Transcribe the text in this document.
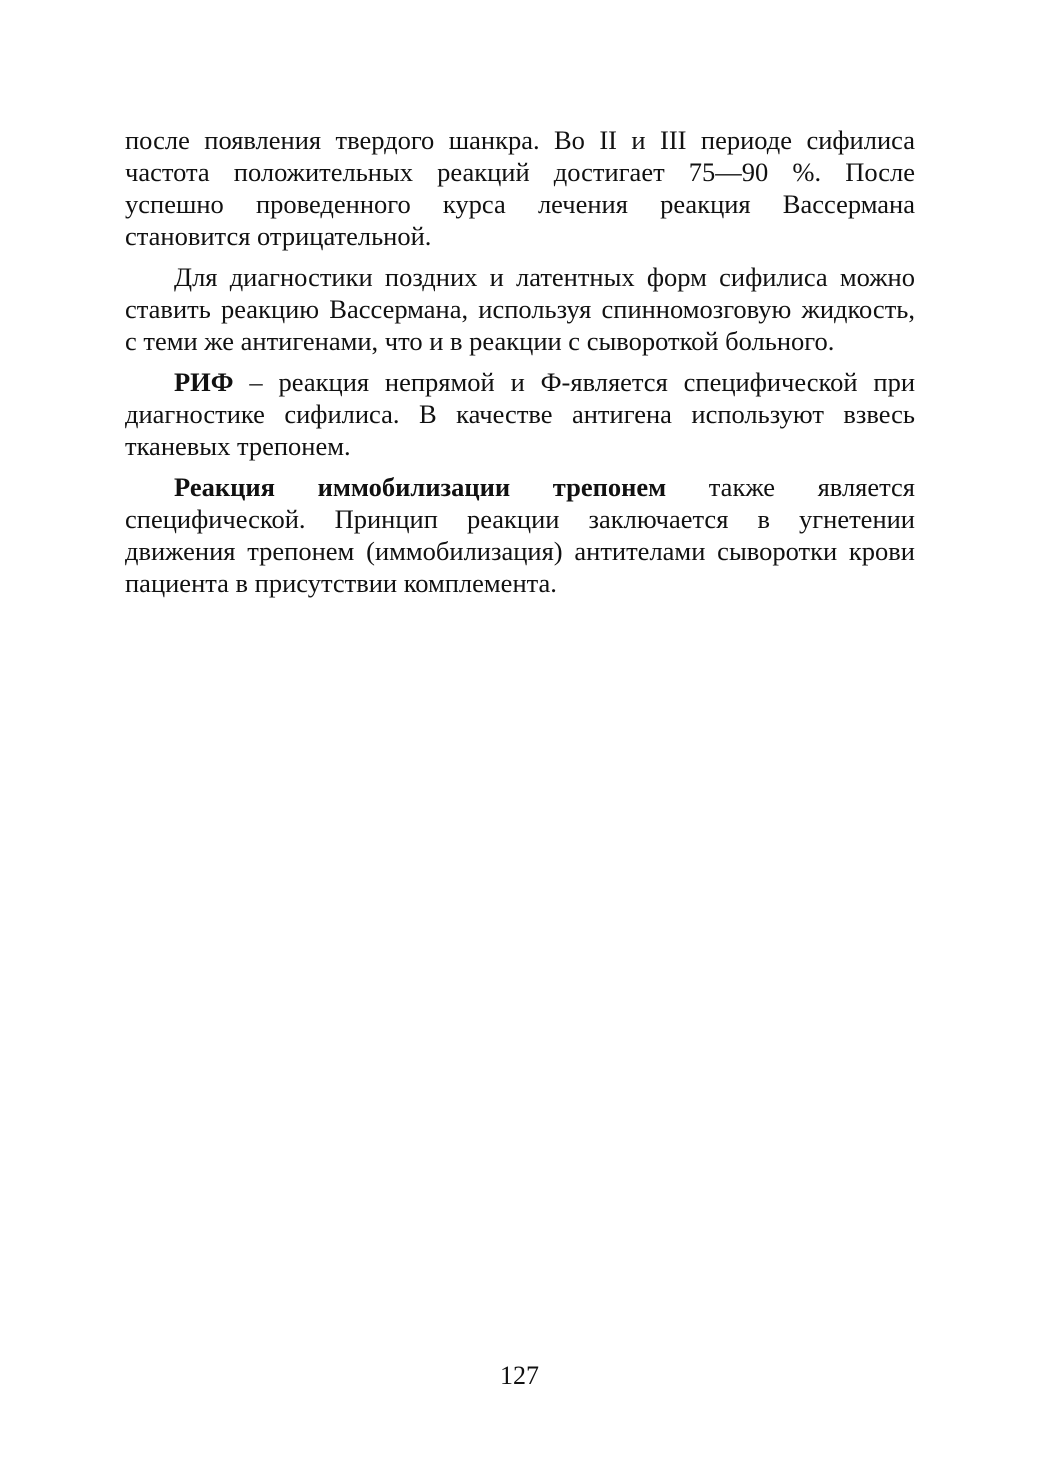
после появления твердого шанкра. Во II и III периоде сифилиса частота положительных реакций достигает 75—90 %. После успешно проведенного курса лечения реакция Вассермана становится отрицательной.

Для диагностики поздних и латентных форм сифилиса можно ставить реакцию Вассермана, используя спинномозговую жидкость, с теми же антигенами, что и в реакции с сывороткой больного.

РИФ – реакция непрямой и Ф-является специфической при диагностике сифилиса. В качестве антигена используют взвесь тканевых трепонем.

Реакция иммобилизации трепонем также является специфической. Принцип реакции заключается в угнетении движения трепонем (иммобилизация) антителами сыворотки крови пациента в присутствии комплемента.

127
